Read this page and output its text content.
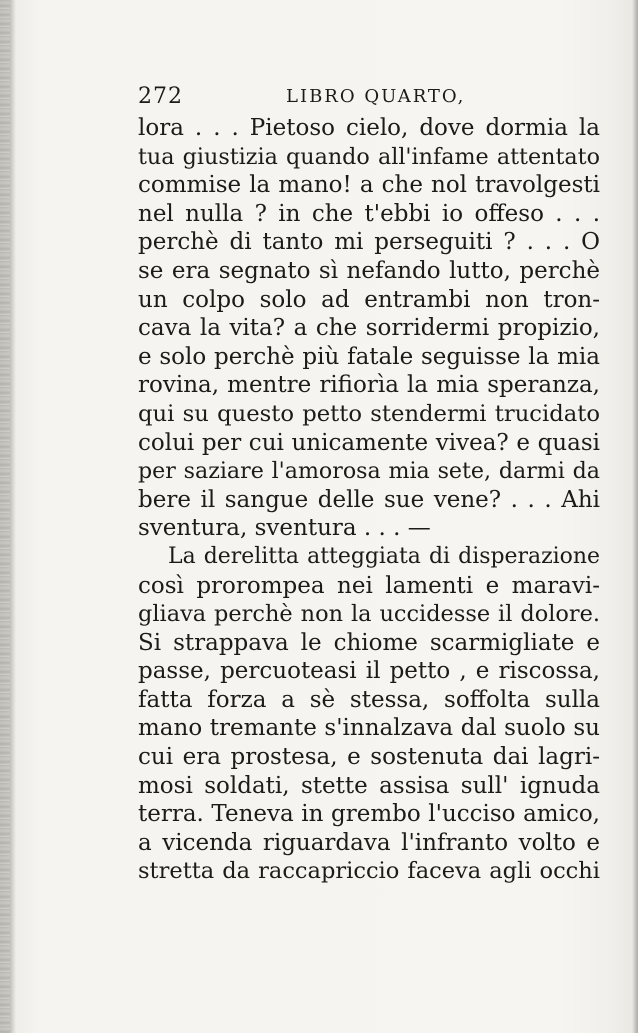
272	LIBRO QUARTO,
lora . . . Pietoso cielo, dove dormia la
tua giustizia quando all'infame attentato
commise la mano! a che nol travolgesti
nel nulla ? in che t'ebbi io offeso . . .
perchè di tanto mi perseguiti ? . . . O
se era segnato sì nefando lutto, perchè
un colpo solo ad entrambi non tron-
cava la vita? a che sorridermi propizio,
e solo perchè più fatale seguisse la mia
rovina, mentre rifiorìa la mia speranza,
qui su questo petto stendermi trucidato
colui per cui unicamente vivea? e quasi
per saziare l'amorosa mia sete, darmi da
bere il sangue delle sue vene? . . . Ahi
sventura, sventura . . . —
La derelitta atteggiata di disperazione
così prorompea nei lamenti e maravi-
gliava perchè non la uccidesse il dolore.
Si strappava le chiome scarmigliate e
passe, percuoteasi il petto , e riscossa,
fatta forza a sè stessa, soffolta sulla
mano tremante s'innalzava dal suolo su
cui era prostesa, e sostenuta dai lagri-
mosi soldati, stette assisa sull' ignuda
terra. Teneva in grembo l'ucciso amico,
a vicenda riguardava l'infranto volto e
stretta da raccapriccio faceva agli occhi
